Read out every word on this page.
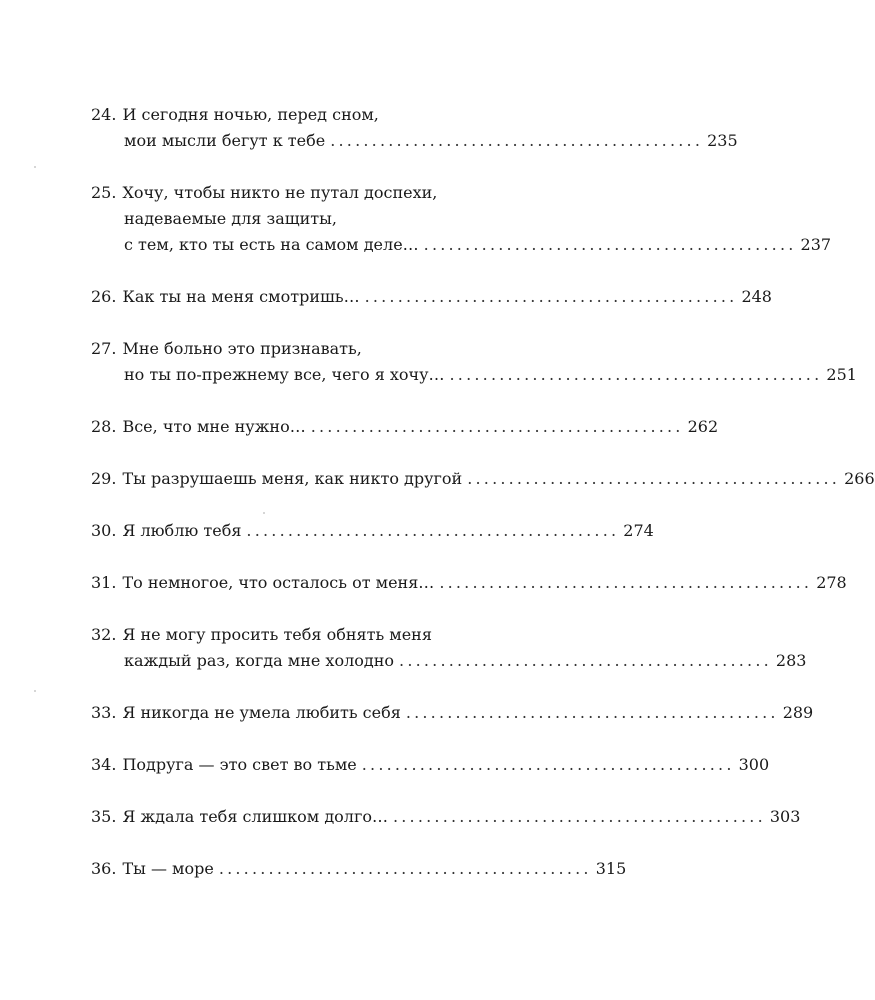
24. И сегодня ночью, перед сном,
мои мысли бегут к тебе ............................................. 235
25. Хочу, чтобы никто не путал доспехи,
надеваемые для защиты,
с тем, кто ты есть на самом деле… ............................................. 237
26. Как ты на меня смотришь… ............................................. 248
27. Мне больно это признавать,
но ты по-прежнему все, чего я хочу… ............................................. 251
28. Все, что мне нужно… ............................................. 262
29. Ты разрушаешь меня, как никто другой ............................................. 266
30. Я люблю тебя ............................................. 274
31. То немногое, что осталось от меня… ............................................. 278
32. Я не могу просить тебя обнять меня
каждый раз, когда мне холодно ............................................. 283
33. Я никогда не умела любить себя ............................................. 289
34. Подруга — это свет во тьме ............................................. 300
35. Я ждала тебя слишком долго… ............................................. 303
36. Ты — море ............................................. 315
